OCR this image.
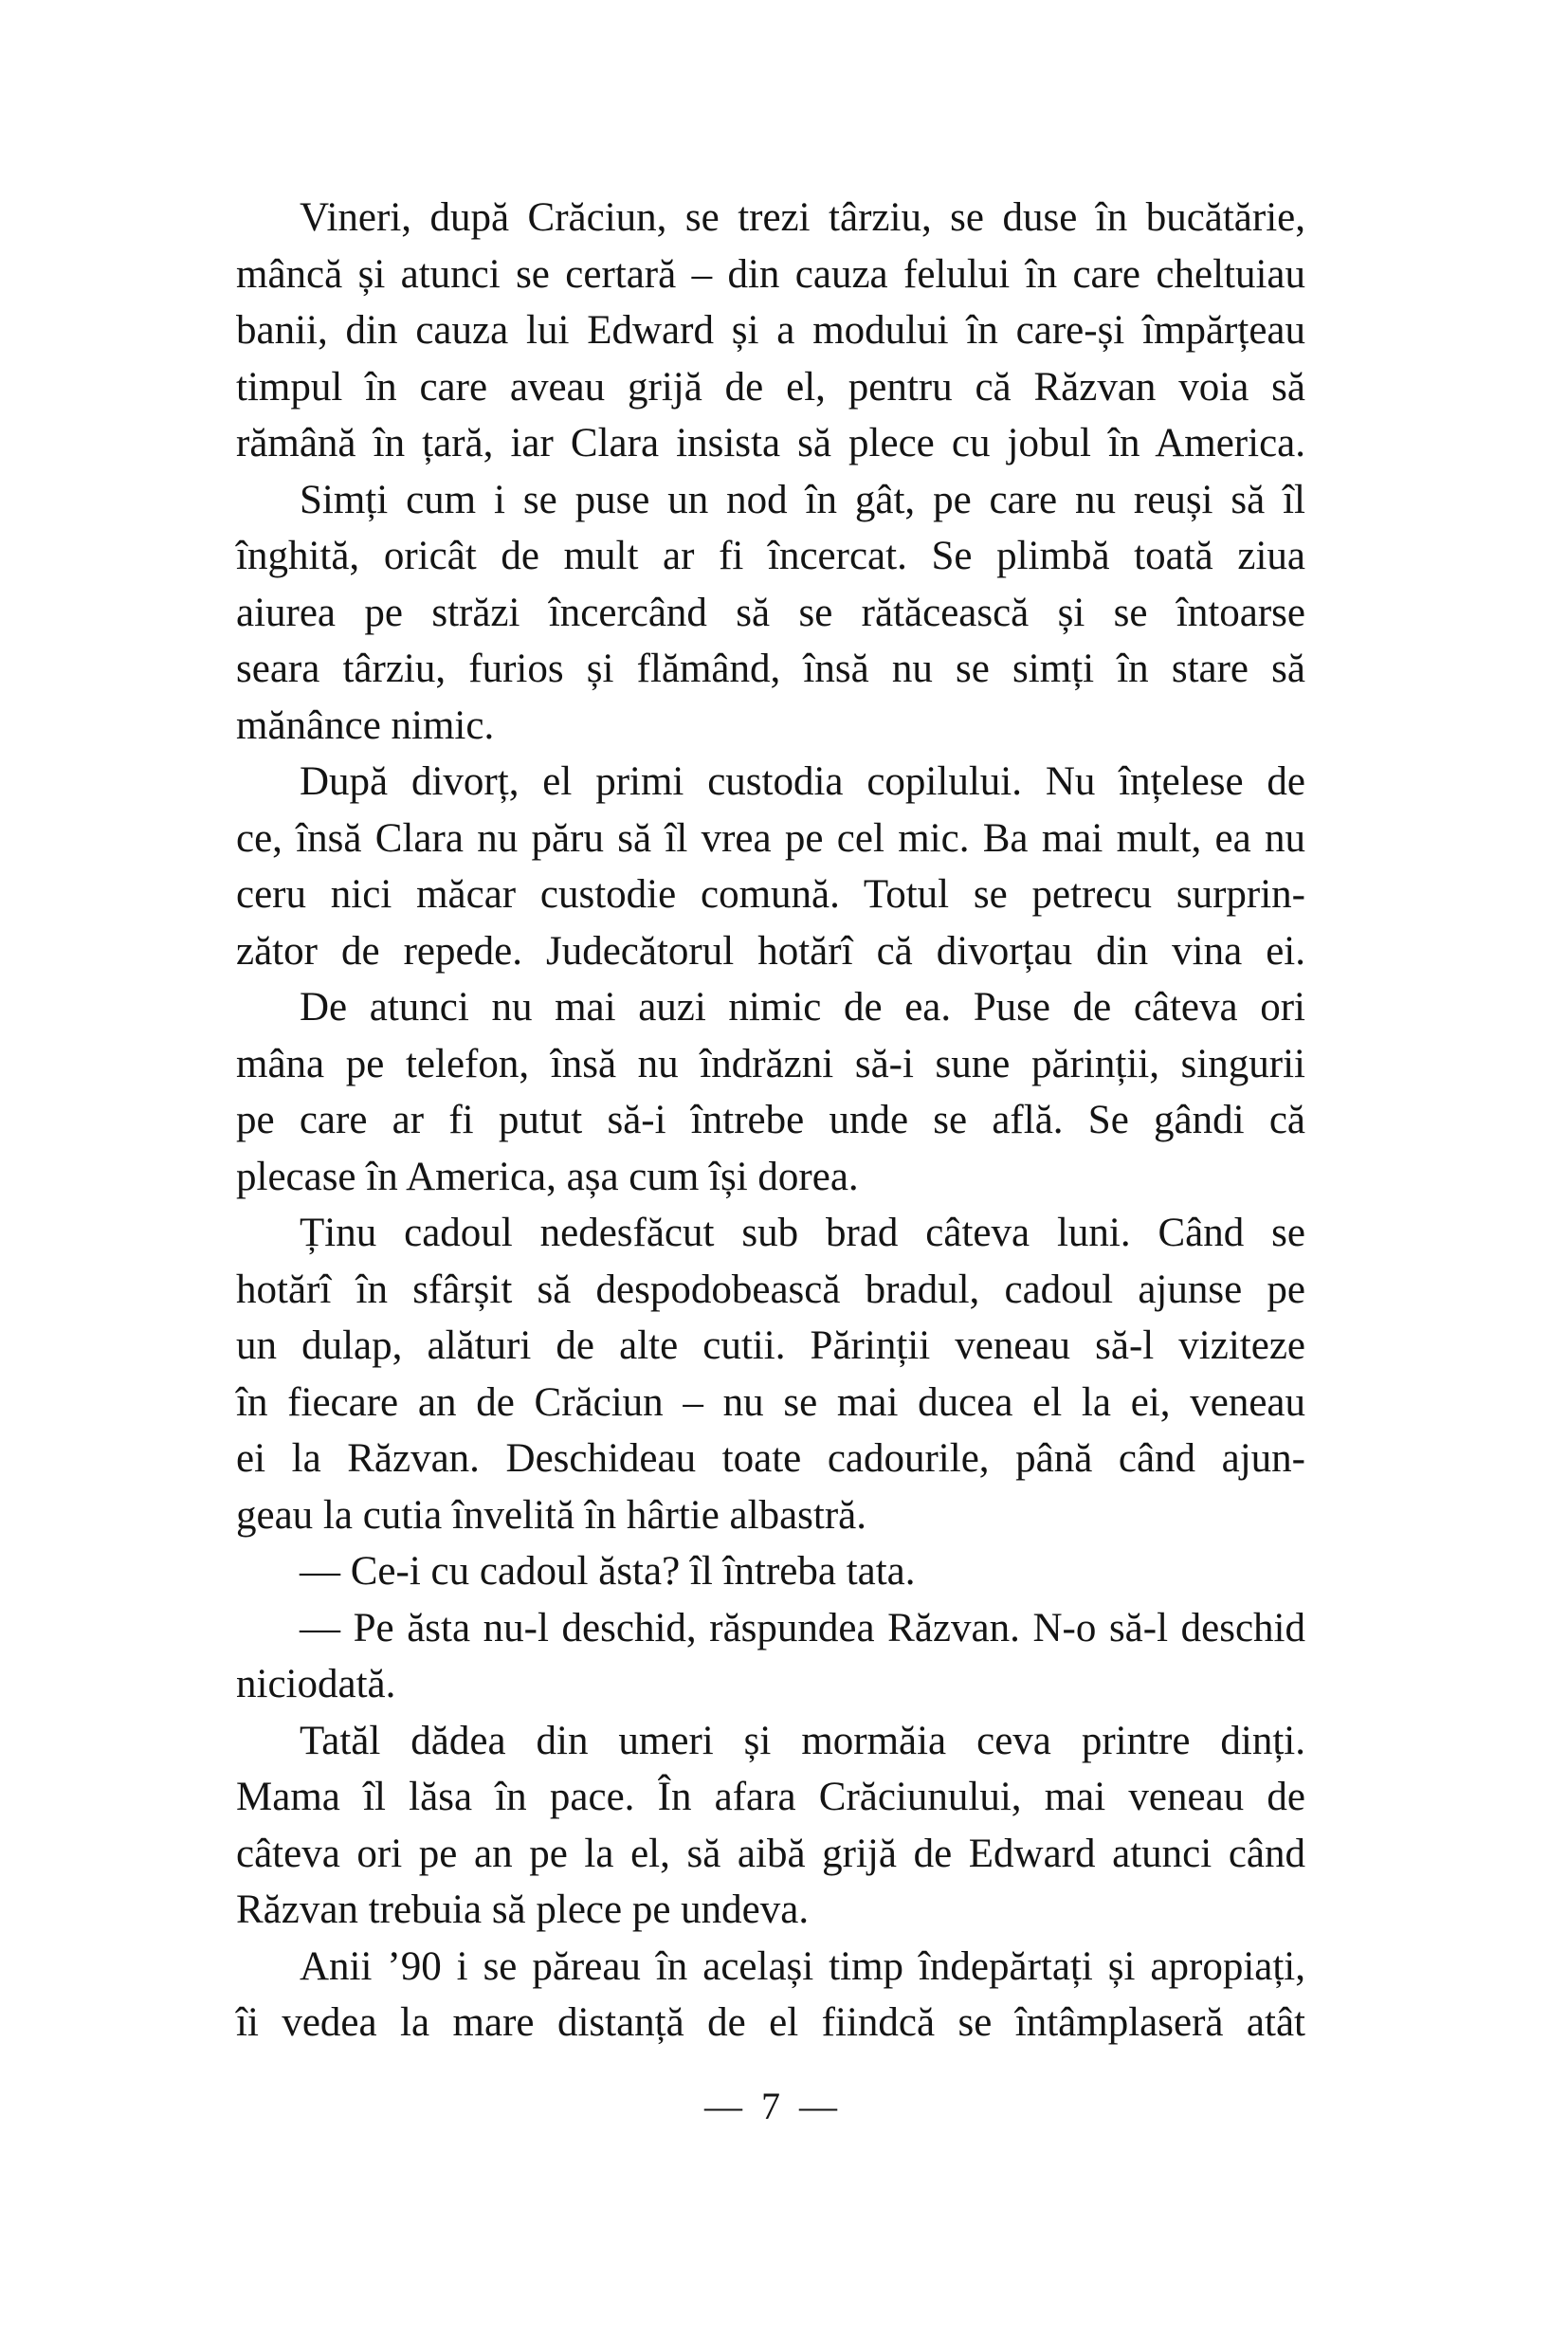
Vineri, după Crăciun, se trezi târziu, se duse în bucătărie,
mâncă și atunci se certară – din cauza felului în care cheltuiau
banii, din cauza lui Edward și a modului în care-și împărțeau
timpul în care aveau grijă de el, pentru că Răzvan voia să
rămână în țară, iar Clara insista să plece cu jobul în America.
Simți cum i se puse un nod în gât, pe care nu reuși să îl
înghită, oricât de mult ar fi încercat. Se plimbă toată ziua
aiurea pe străzi încercând să se rătăcească și se întoarse
seara târziu, furios și flămând, însă nu se simți în stare să
mănânce nimic.
După divorț, el primi custodia copilului. Nu înțelese de
ce, însă Clara nu păru să îl vrea pe cel mic. Ba mai mult, ea nu
ceru nici măcar custodie comună. Totul se petrecu surprin-
zător de repede. Judecătorul hotărî că divorțau din vina ei.
De atunci nu mai auzi nimic de ea. Puse de câteva ori
mâna pe telefon, însă nu îndrăzni să-i sune părinții, singurii
pe care ar fi putut să-i întrebe unde se află. Se gândi că
plecase în America, așa cum își dorea.
Ținu cadoul nedesfăcut sub brad câteva luni. Când se
hotărî în sfârșit să despodobească bradul, cadoul ajunse pe
un dulap, alături de alte cutii. Părinții veneau să-l viziteze
în fiecare an de Crăciun – nu se mai ducea el la ei, veneau
ei la Răzvan. Deschideau toate cadourile, până când ajun-
geau la cutia învelită în hârtie albastră.
— Ce-i cu cadoul ăsta? îl întreba tata.
— Pe ăsta nu-l deschid, răspundea Răzvan. N-o să-l deschid
niciodată.
Tatăl dădea din umeri și mormăia ceva printre dinți.
Mama îl lăsa în pace. În afara Crăciunului, mai veneau de
câteva ori pe an pe la el, să aibă grijă de Edward atunci când
Răzvan trebuia să plece pe undeva.
Anii ’90 i se păreau în același timp îndepărtați și apropiați,
îi vedea la mare distanță de el fiindcă se întâmplaseră atât
— 7 —
